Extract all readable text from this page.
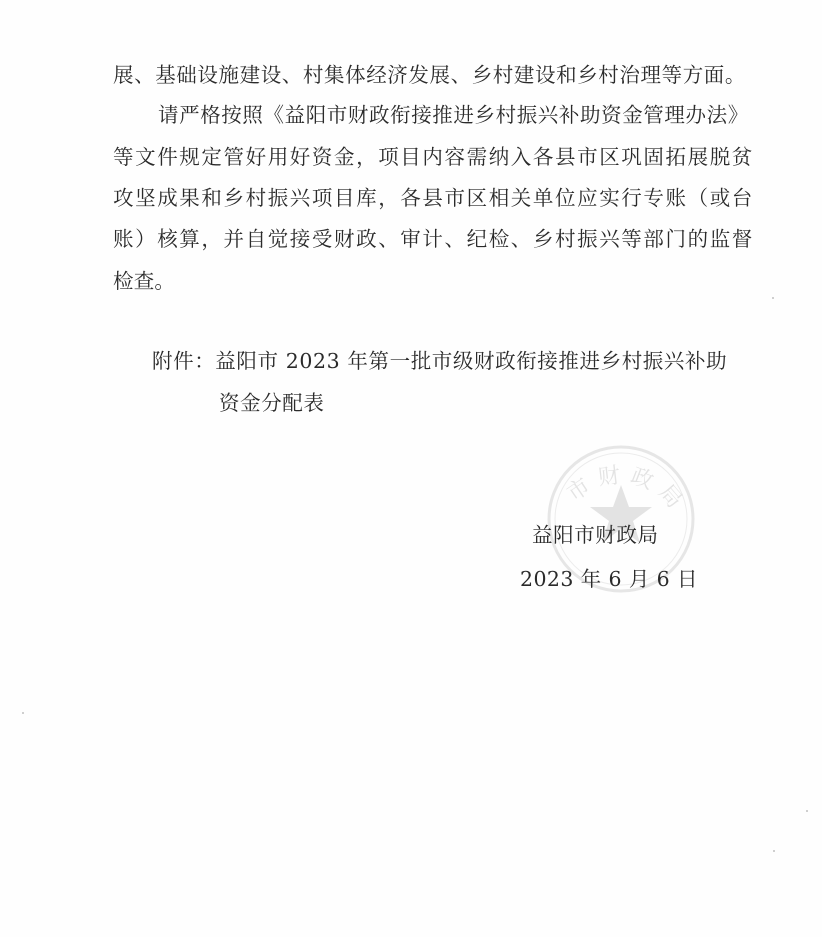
展、基础设施建设、村集体经济发展、乡村建设和乡村治理等方面。
请严格按照《益阳市财政衔接推进乡村振兴补助资金管理办法》
等文件规定管好用好资金，项目内容需纳入各县市区巩固拓展脱贫
攻坚成果和乡村振兴项目库，各县市区相关单位应实行专账（或台
账）核算，并自觉接受财政、审计、纪检、乡村振兴等部门的监督
检查。
附件：益阳市 2023 年第一批市级财政衔接推进乡村振兴补助
资金分配表
市财政局
益阳市财政局
2023 年 6 月 6 日
